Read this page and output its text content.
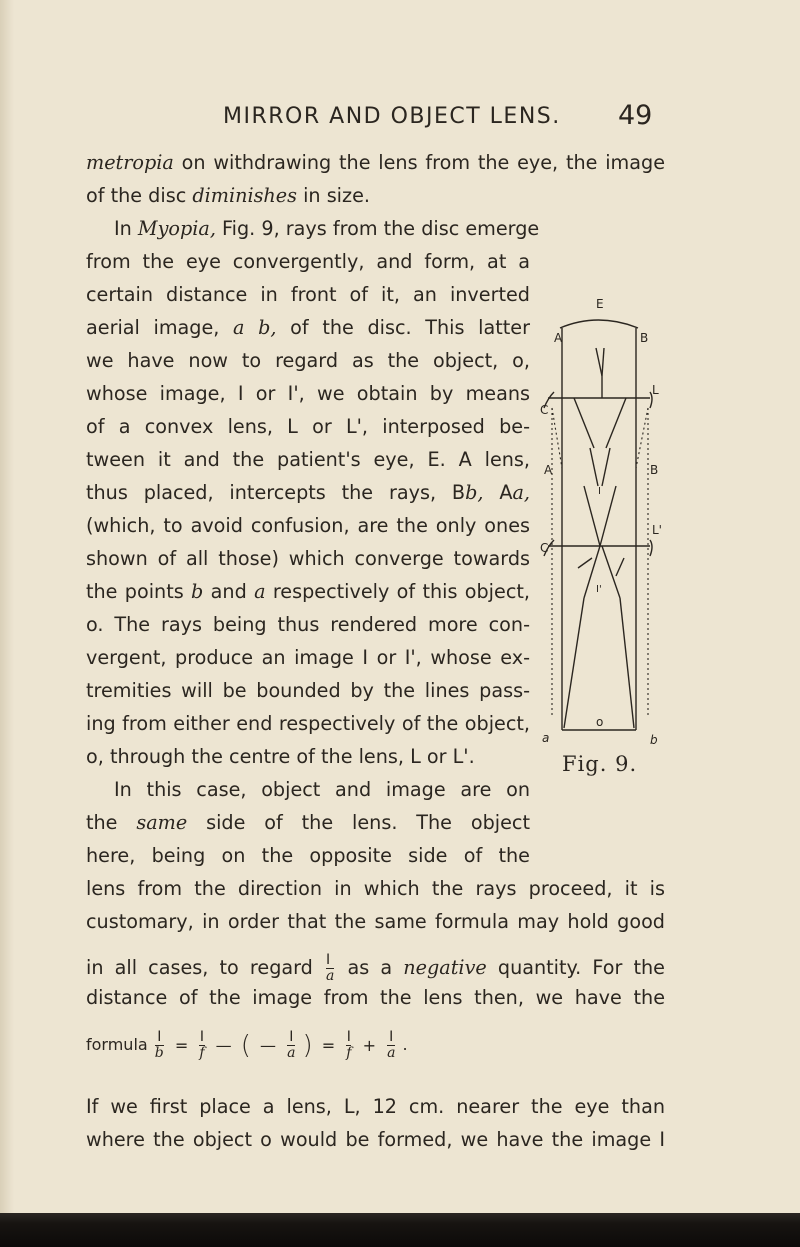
MIRROR AND OBJECT LENS. 49
metropia on withdrawing the lens from the eye, the image
of the disc diminishes in size.
In Myopia, Fig. 9, rays from the disc emerge
from the eye convergently, and form, at a
certain distance in front of it, an inverted
aerial image, a b, of the disc. This latter
we have now to regard as the object, o,
whose image, I or I', we obtain by means
of a convex lens, L or L', interposed be-
tween it and the patient's eye, E. A lens,
thus placed, intercepts the rays, Bb, Aa,
(which, to avoid confusion, are the only ones
shown of all those) which converge towards
the points b and a respectively of this object,
o. The rays being thus rendered more con-
vergent, produce an image I or I', whose ex-
tremities will be bounded by the lines pass-
ing from either end respectively of the object,
o, through the centre of the lens, L or L'.
In this case, object and image are on
the same side of the lens. The object
here, being on the opposite side of the
lens from the direction in which the rays proceed, it is
customary, in order that the same formula may hold good
in all cases, to regard $\frac{I}{a}$ as a negative quantity. For the
distance of the image from the lens then, we have the
If we first place a lens, L, 12 cm. nearer the eye than
where the object o would be formed, we have the image I
formula $\frac{I}{b} = \frac{I}{f}$ — ( — $\frac{I}{a}$ ) = $\frac{I}{f} + \frac{I}{a}$ .
E
A	B
C
L
A	B
I
C
L'
I'
o
a	b
Fig. 9.
